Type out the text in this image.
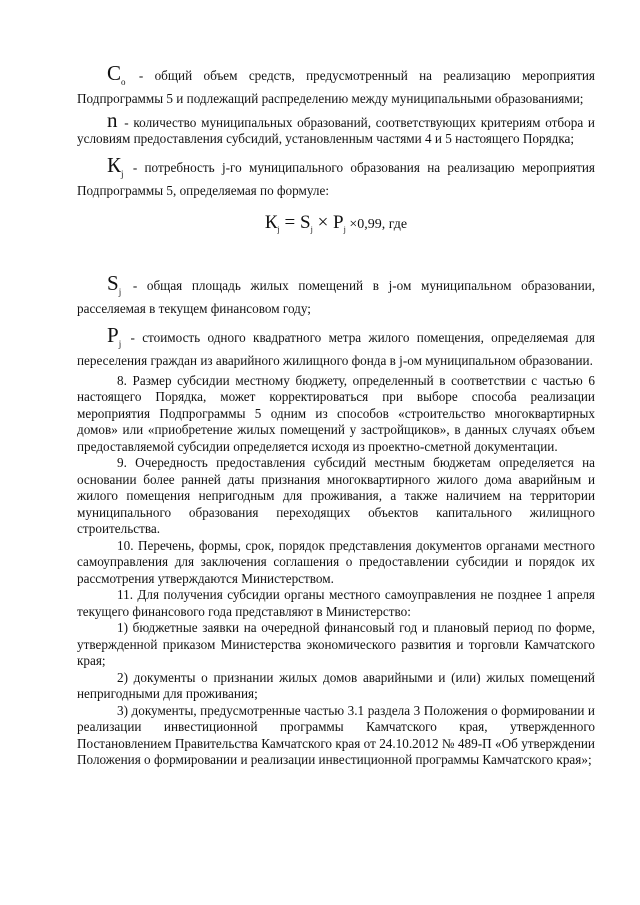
$С_о$ - общий объем средств, предусмотренный на реализацию мероприятия Подпрограммы 5 и подлежащий распределению между муниципальными образованиями;

n - количество муниципальных образований, соответствующих критериям отбора и условиям предоставления субсидий, установленным частями 4 и 5 настоящего Порядка;

$К_j$ - потребность j-го муниципального образования на реализацию мероприятия Подпрограммы 5, определяемая по формуле:

$К_j = S_j \times Р_j \times 0,99$, где

$S_j$ - общая площадь жилых помещений в j-ом муниципальном образовании, расселяемая в текущем финансовом году;

$Р_j$ - стоимость одного квадратного метра жилого помещения, определяемая для переселения граждан из аварийного жилищного фонда в j-ом муниципальном образовании.

8. Размер субсидии местному бюджету, определенный в соответствии с частью 6 настоящего Порядка, может корректироваться при выборе способа реализации мероприятия Подпрограммы 5 одним из способов «строительство многоквартирных домов» или «приобретение жилых помещений у застройщиков», в данных случаях объем предоставляемой субсидии определяется исходя из проектно-сметной документации.

9. Очередность предоставления субсидий местным бюджетам определяется на основании более ранней даты признания многоквартирного жилого дома аварийным и жилого помещения непригодным для проживания, а также наличием на территории муниципального образования переходящих объектов капитального жилищного строительства.

10. Перечень, формы, срок, порядок представления документов органами местного самоуправления для заключения соглашения о предоставлении субсидии и порядок их рассмотрения утверждаются Министерством.

11. Для получения субсидии органы местного самоуправления не позднее 1 апреля текущего финансового года представляют в Министерство:

1) бюджетные заявки на очередной финансовый год и плановый период по форме, утвержденной приказом Министерства экономического развития и торговли Камчатского края;

2) документы о признании жилых домов аварийными и (или) жилых помещений непригодными для проживания;

3) документы, предусмотренные частью 3.1 раздела 3 Положения о формировании и реализации инвестиционной программы Камчатского края, утвержденного Постановлением Правительства Камчатского края от 24.10.2012 № 489-П «Об утверждении Положения о формировании и реализации инвестиционной программы Камчатского края»;
